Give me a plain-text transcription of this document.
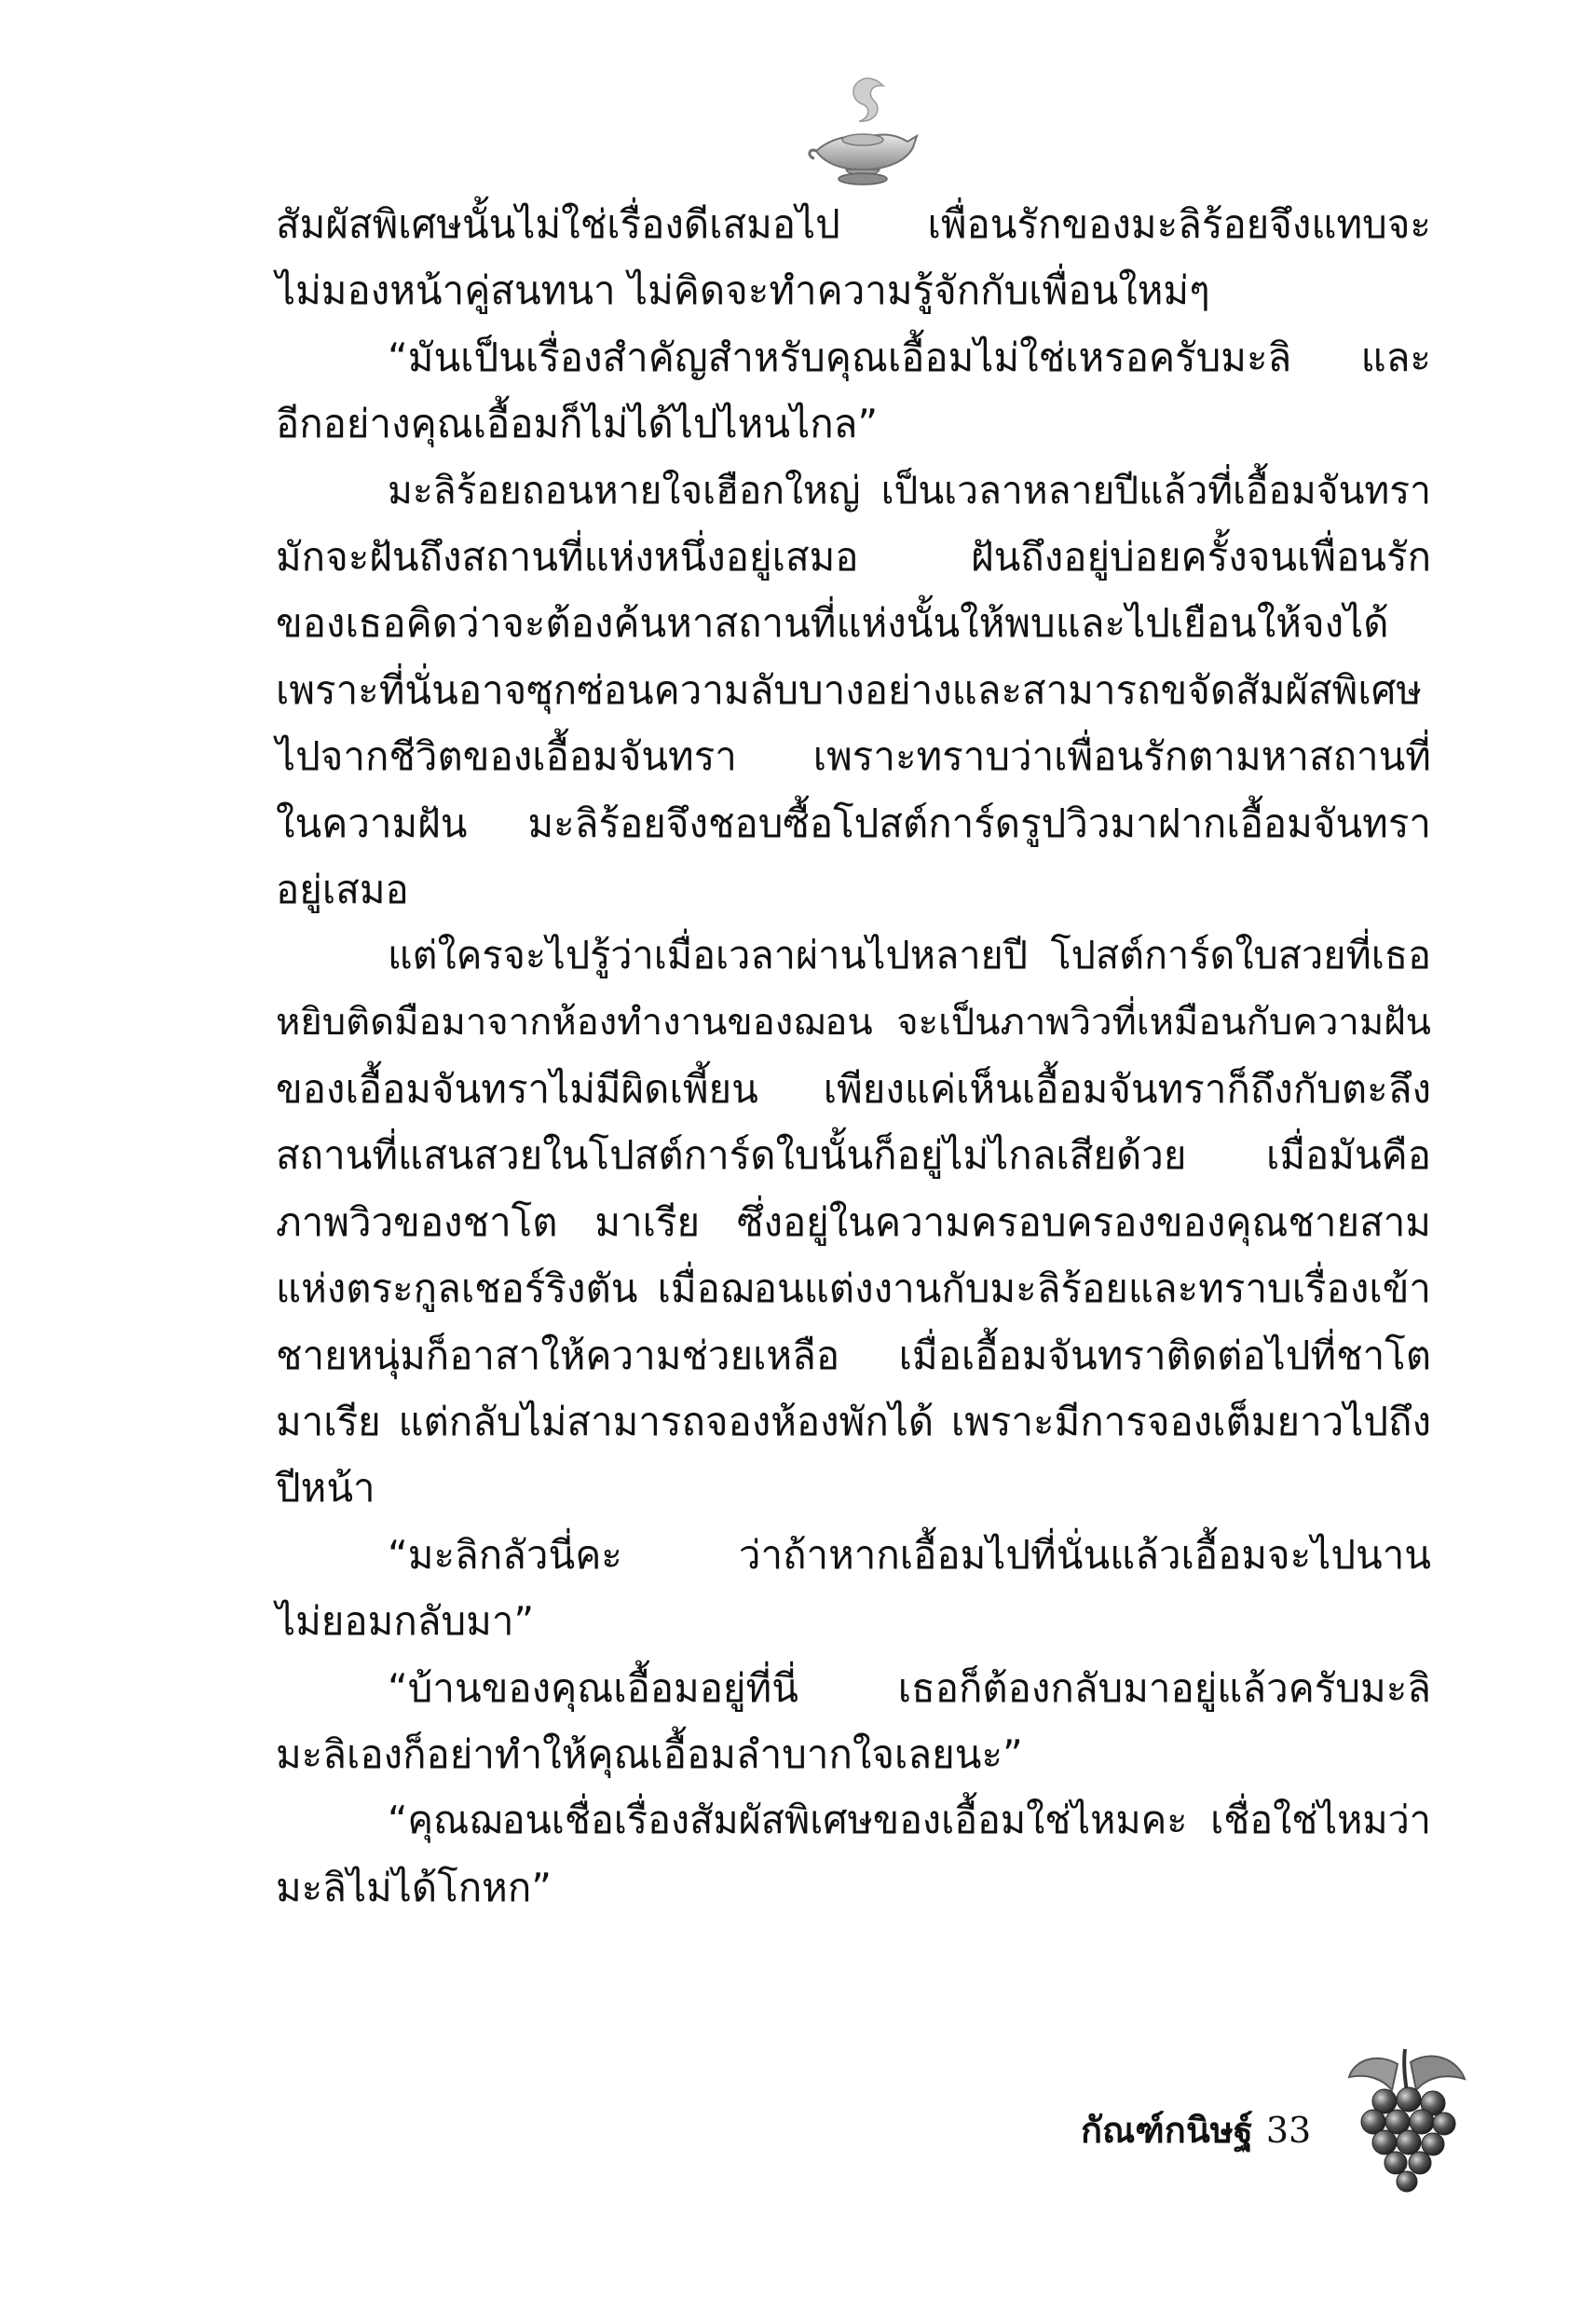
สัมผัสพิเศษนั้นไม่ใช่เรื่องดีเสมอไป เพื่อนรักของมะลิร้อยจึงแทบจะ
ไม่มองหน้าคู่สนทนา ไม่คิดจะทำความรู้จักกับเพื่อนใหม่ๆ
“มันเป็นเรื่องสำคัญสำหรับคุณเอื้อมไม่ใช่เหรอครับมะลิ และ
อีกอย่างคุณเอื้อมก็ไม่ได้ไปไหนไกล”
มะลิร้อยถอนหายใจเฮือกใหญ่ เป็นเวลาหลายปีแล้วที่เอื้อมจันทรา
มักจะฝันถึงสถานที่แห่งหนึ่งอยู่เสมอ ฝันถึงอยู่บ่อยครั้งจนเพื่อนรัก
ของเธอคิดว่าจะต้องค้นหาสถานที่แห่งนั้นให้พบและไปเยือนให้จงได้
เพราะที่นั่นอาจซุกซ่อนความลับบางอย่างและสามารถขจัดสัมผัสพิเศษ
ไปจากชีวิตของเอื้อมจันทรา เพราะทราบว่าเพื่อนรักตามหาสถานที่
ในความฝัน มะลิร้อยจึงชอบซื้อโปสต์การ์ดรูปวิวมาฝากเอื้อมจันทรา
อยู่เสมอ
แต่ใครจะไปรู้ว่าเมื่อเวลาผ่านไปหลายปี โปสต์การ์ดใบสวยที่เธอ
หยิบติดมือมาจากห้องทำงานของฌอน จะเป็นภาพวิวที่เหมือนกับความฝัน
ของเอื้อมจันทราไม่มีผิดเพี้ยน เพียงแค่เห็นเอื้อมจันทราก็ถึงกับตะลึง
สถานที่แสนสวยในโปสต์การ์ดใบนั้นก็อยู่ไม่ไกลเสียด้วย เมื่อมันคือ
ภาพวิวของชาโต มาเรีย ซึ่งอยู่ในความครอบครองของคุณชายสาม
แห่งตระกูลเชอร์ริงตัน เมื่อฌอนแต่งงานกับมะลิร้อยและทราบเรื่องเข้า
ชายหนุ่มก็อาสาให้ความช่วยเหลือ เมื่อเอื้อมจันทราติดต่อไปที่ชาโต
มาเรีย แต่กลับไม่สามารถจองห้องพักได้ เพราะมีการจองเต็มยาวไปถึง
ปีหน้า
“มะลิกลัวนี่คะ ว่าถ้าหากเอื้อมไปที่นั่นแล้วเอื้อมจะไปนาน
ไม่ยอมกลับมา”
“บ้านของคุณเอื้อมอยู่ที่นี่ เธอก็ต้องกลับมาอยู่แล้วครับมะลิ
มะลิเองก็อย่าทำให้คุณเอื้อมลำบากใจเลยนะ”
“คุณฌอนเชื่อเรื่องสัมผัสพิเศษของเอื้อมใช่ไหมคะ เชื่อใช่ไหมว่า
มะลิไม่ได้โกหก”
กัณฑ์กนิษฐ์ 33
